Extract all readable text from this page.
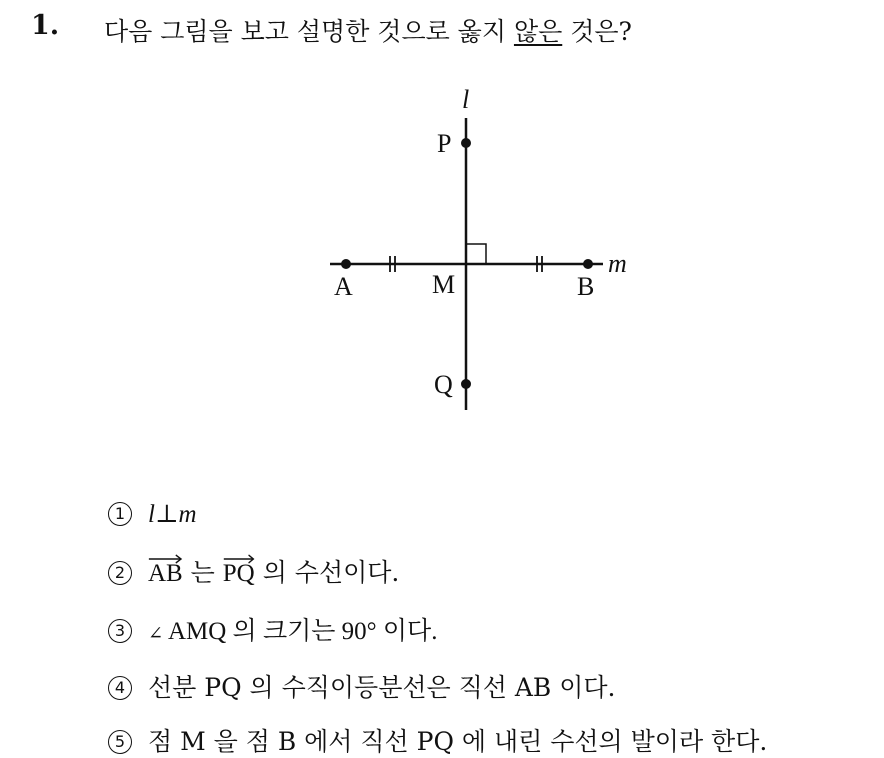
1. 다음 그림을 보고 설명한 것으로 옳지 않은 것은?
l
m
P
Q
A	B
M
1 l⊥m
2 AB 는
PQ 의 수선이다.
3 ∠ AMQ 의 크기는 90° 이다.
4 선분 PQ 의 수직이등분선은 직선 AB 이다.
5 점 M 을 점 B 에서 직선 PQ 에 내린 수선의 발이라 한다.
